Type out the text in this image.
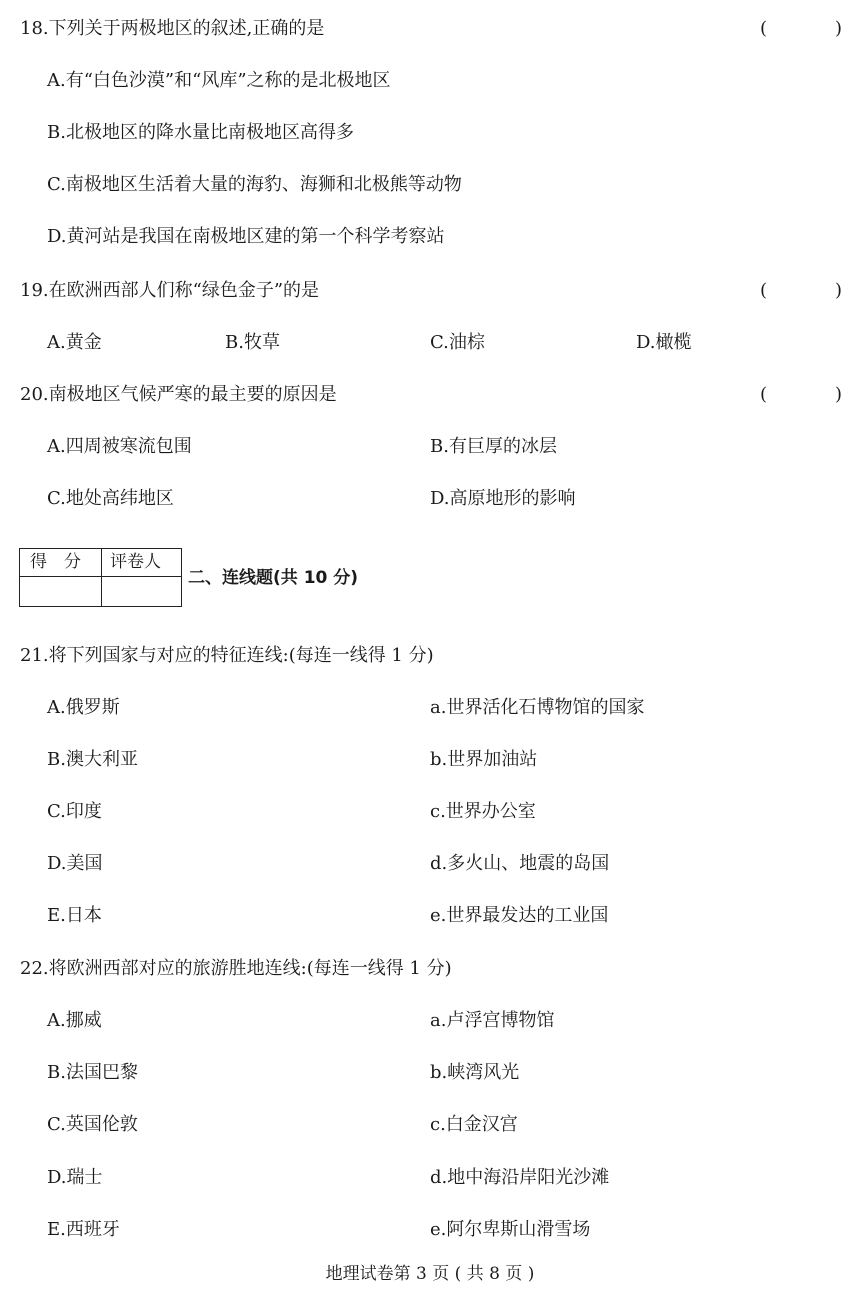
18.下列关于两极地区的叙述,正确的是	(	)
A.有“白色沙漠”和“风库”之称的是北极地区
B.北极地区的降水量比南极地区高得多
C.南极地区生活着大量的海豹、海狮和北极熊等动物
D.黄河站是我国在南极地区建的第一个科学考察站
19.在欧洲西部人们称“绿色金子”的是	(	)
A.黄金	B.牧草	C.油棕	D.橄榄
20.南极地区气候严寒的最主要的原因是	(	)
A.四周被寒流包围	B.有巨厚的冰层
C.地处高纬地区	D.高原地形的影响
得　分 评卷人
二、连线题(共 10 分)
21.将下列国家与对应的特征连线:(每连一线得 1 分)
A.俄罗斯	a.世界活化石博物馆的国家
B.澳大利亚	b.世界加油站
C.印度	c.世界办公室
D.美国	d.多火山、地震的岛国
E.日本	e.世界最发达的工业国
22.将欧洲西部对应的旅游胜地连线:(每连一线得 1 分)
A.挪威	a.卢浮宫博物馆
B.法国巴黎	b.峡湾风光
C.英国伦敦	c.白金汉宫
D.瑞士	d.地中海沿岸阳光沙滩
E.西班牙	e.阿尔卑斯山滑雪场
地理试卷第 3 页 ( 共 8 页 )
